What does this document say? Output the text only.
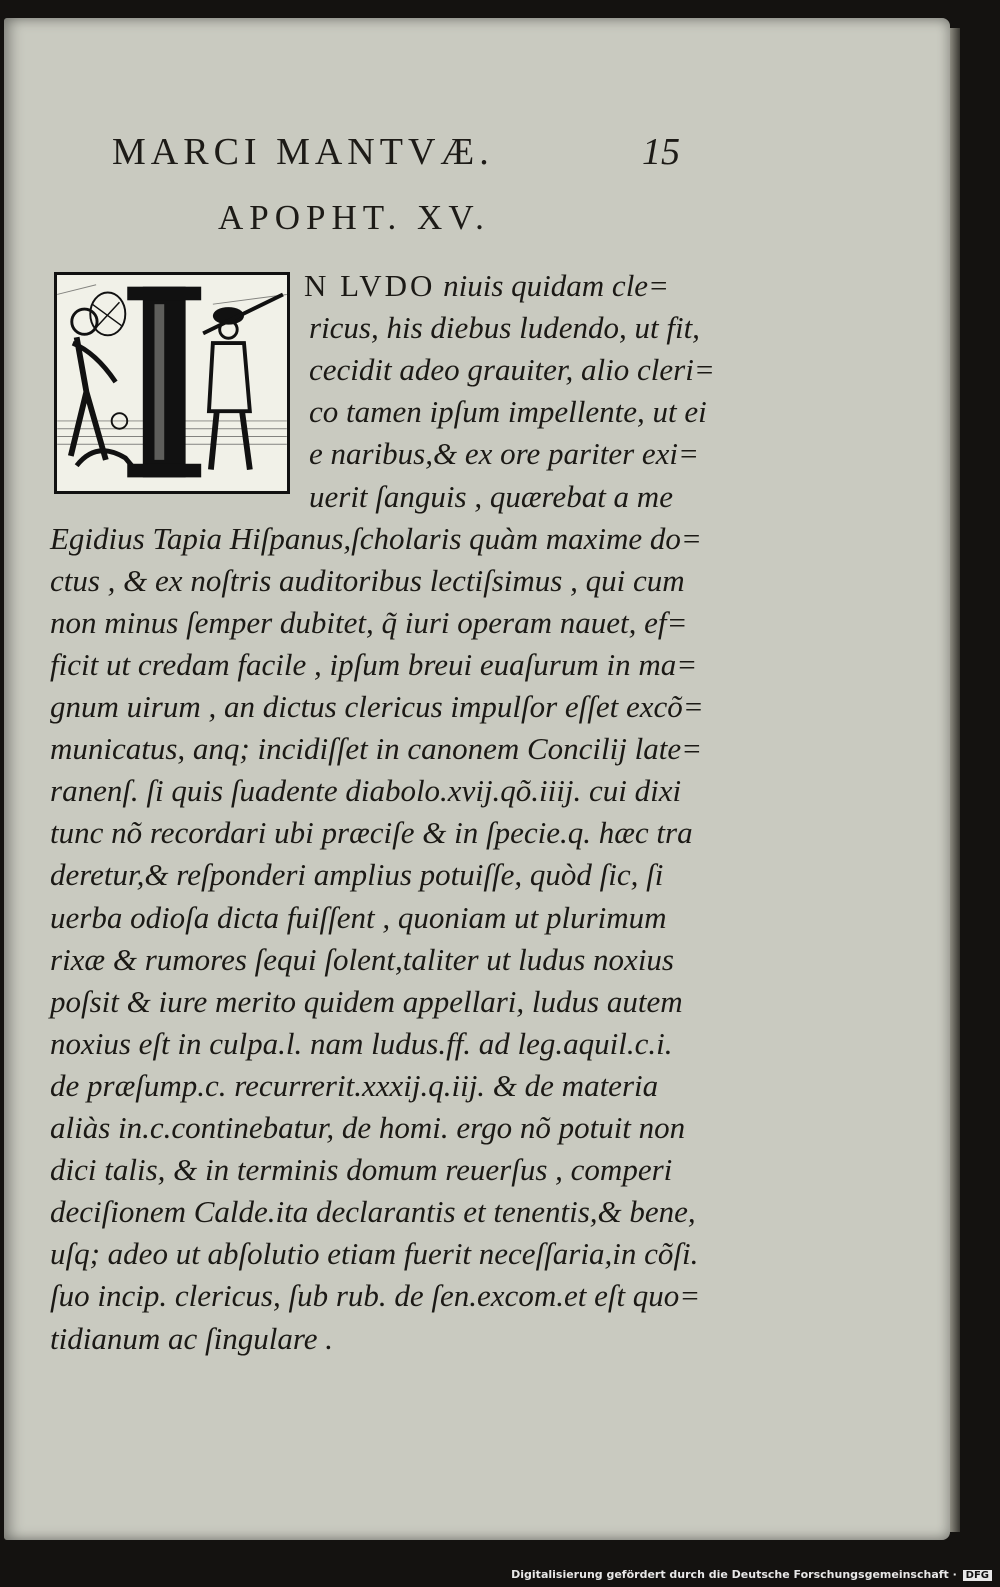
MARCI MANTVÆ.	15
APOPHT. XV.
N LVDO niuis quidam cle=
ricus, his diebus ludendo, ut fit,
cecidit adeo grauiter, alio cleri=
co tamen ipſum impellente, ut ei
e naribus,& ex ore pariter exi=
uerit ſanguis , quærebat a me
Egidius Tapia Hiſpanus,ſcholaris quàm maxime do=
ctus , & ex noſtris auditoribus lectiſsimus , qui cum
non minus ſemper dubitet, q̃ iuri operam nauet, ef=
ficit ut credam facile , ipſum breui euaſurum in ma=
gnum uirum , an dictus clericus impulſor eſſet excõ=
municatus, anq; incidiſſet in canonem Concilij late=
ranenſ. ſi quis ſuadente diabolo.xvij.qõ.iiij. cui dixi
tunc nõ recordari ubi præciſe & in ſpecie.q. hæc tra
deretur,& reſponderi amplius potuiſſe, quòd ſic, ſi
uerba odioſa dicta fuiſſent , quoniam ut plurimum
rixæ & rumores ſequi ſolent,taliter ut ludus noxius
poſsit & iure merito quidem appellari, ludus autem
noxius eſt in culpa.l. nam ludus.ff. ad leg.aquil.c.i.
de præſump.c. recurrerit.xxxij.q.iij. & de materia
aliàs in.c.continebatur, de homi. ergo nõ potuit non
dici talis, & in terminis domum reuerſus , comperi
deciſionem Calde.ita declarantis et tenentis,& bene,
uſq; adeo ut abſolutio etiam fuerit neceſſaria,in cõſi.
ſuo incip. clericus, ſub rub. de ſen.excom.et eſt quo=
tidianum ac ſingulare .
Digitalisierung gefördert durch die Deutsche Forschungsgemeinschaft · DFG
